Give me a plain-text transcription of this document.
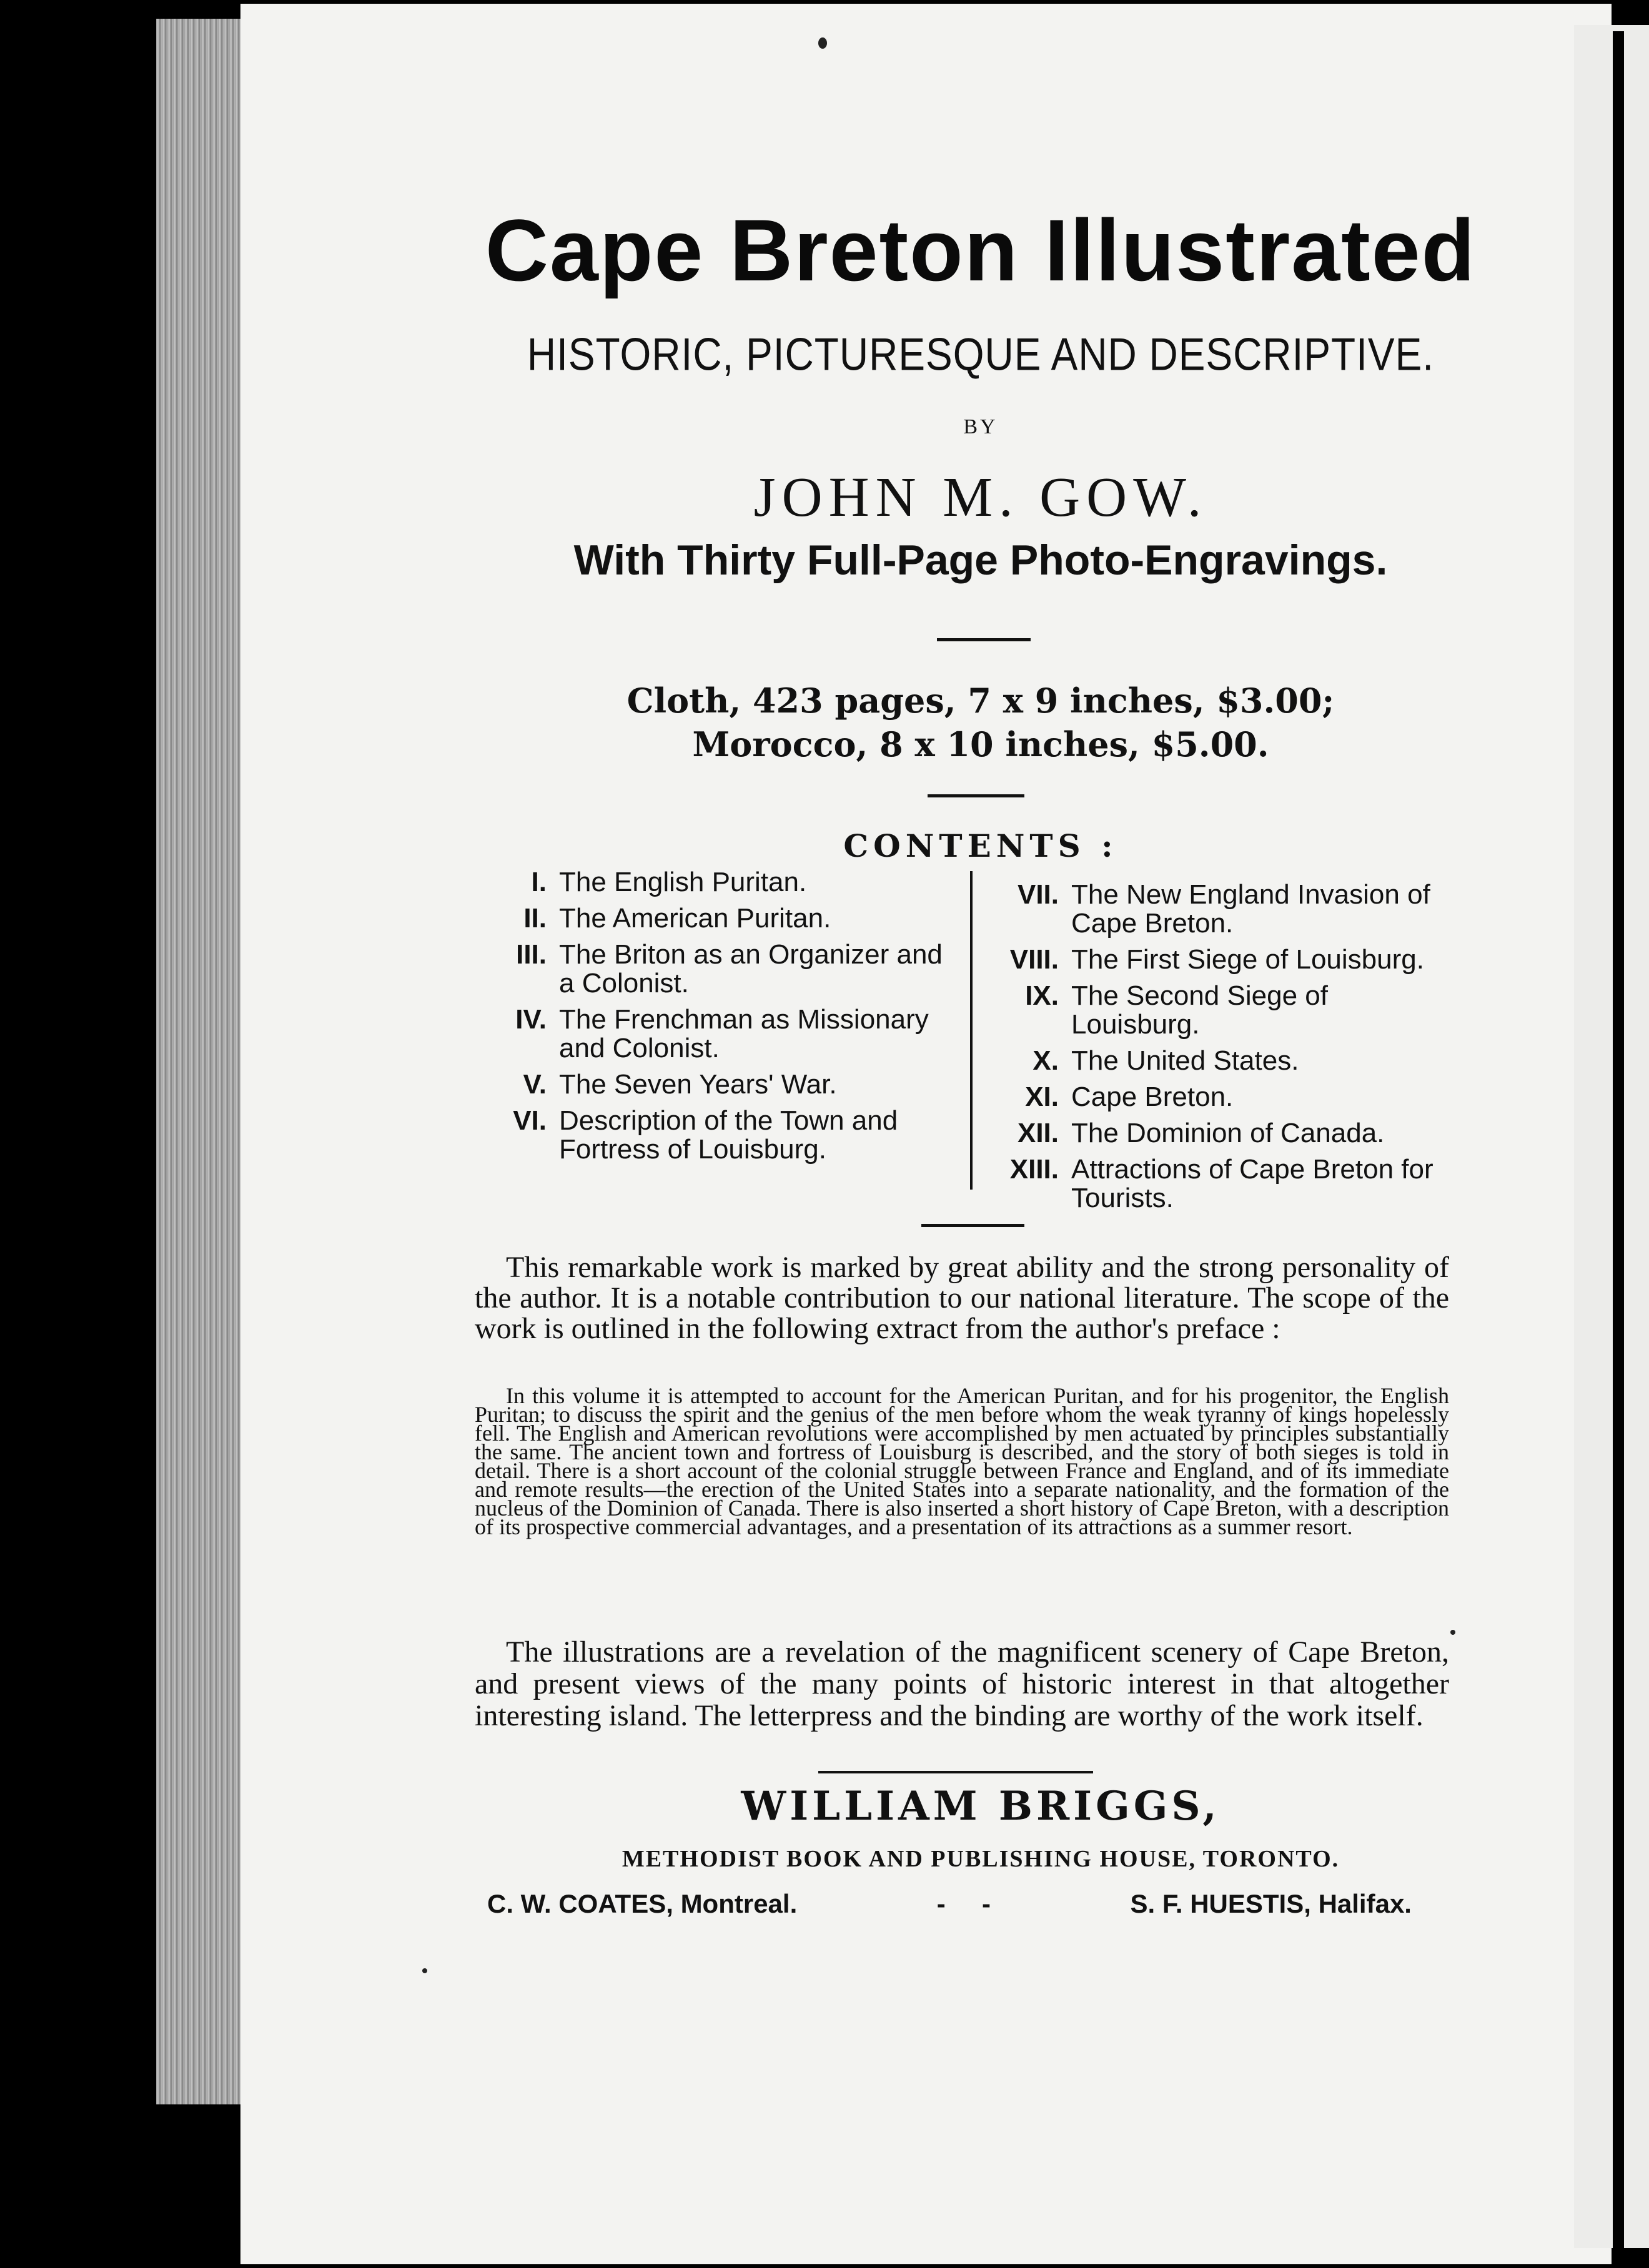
Cape Breton Illustrated
HISTORIC, PICTURESQUE AND DESCRIPTIVE.
BY
JOHN M. GOW.
With Thirty Full-Page Photo-Engravings.
Cloth, 423 pages, 7 x 9 inches, $3.00;
Morocco, 8 x 10 inches, $5.00.
CONTENTS :
I. The English Puritan.
II. The American Puritan.
III. The Briton as an Organizer and a Colonist.
IV. The Frenchman as Missionary and Colonist.
V. The Seven Years' War.
VI. Description of the Town and Fortress of Louisburg.
VII. The New England Invasion of Cape Breton.
VIII. The First Siege of Louisburg.
IX. The Second Siege of Louisburg.
X. The United States.
XI. Cape Breton.
XII. The Dominion of Canada.
XIII. Attractions of Cape Breton for Tourists.
This remarkable work is marked by great ability and the strong personality of the author. It is a notable contribution to our national literature. The scope of the work is outlined in the following extract from the author's preface :
In this volume it is attempted to account for the American Puritan, and for his progenitor, the English Puritan; to discuss the spirit and the genius of the men before whom the weak tyranny of kings hopelessly fell. The English and American revolutions were accomplished by men actuated by principles substantially the same. The ancient town and fortress of Louisburg is described, and the story of both sieges is told in detail. There is a short account of the colonial struggle between France and England, and of its immediate and remote results—the erection of the United States into a separate nationality, and the formation of the nucleus of the Dominion of Canada. There is also inserted a short history of Cape Breton, with a description of its prospective commercial advantages, and a presentation of its attractions as a summer resort.
The illustrations are a revelation of the magnificent scenery of Cape Breton, and present views of the many points of historic interest in that altogether interesting island. The letterpress and the binding are worthy of the work itself.
WILLIAM BRIGGS,
METHODIST BOOK AND PUBLISHING HOUSE, TORONTO.
C. W. COATES, Montreal.	-     -	S. F. HUESTIS, Halifax.
